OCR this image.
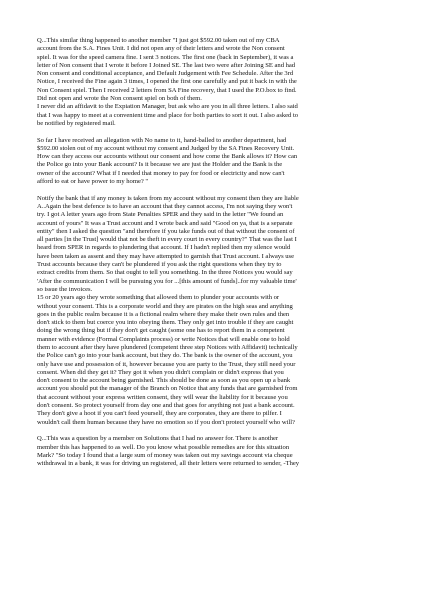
Q...This similar thing happened to another member "I just got $592.00 taken out of my CBA
account from the S.A. Fines Unit. I did not open any of their letters and wrote the Non consent
spiel. It was for the speed camera fine. I sent 3 notices. The first one (back in September), it was a
letter of Non consent that I wrote it before I Joined SE. The last two were after Joining SE and had
Non consent and conditional acceptance, and Default Judgement with Fee Schedule. After the 3rd
Notice, I received the Fine again 3 times, I opened the first one carefully and put it back in with the
Non Consent spiel. Then I received 2 letters from SA Fine recovery, that I used the P.O.box to find.
Did not open and wrote the Non consent spiel on both of them.
I never did an affidavit to the Expiation Manager, but ask who are you in all three letters. I also said
that I was happy to meet at a convenient time and place for both parties to sort it out. I also asked to
be notified by registered mail.
So far I have received an allegation with No name to it, hand-balled to another department, had
$592.00 stolen out of my account without my consent and Judged by the SA Fines Recovery Unit.
How can they access our accounts without our consent and how come the Bank allows it? How can
the Police go into your Bank account? Is it because we are just the Holder and the Bank is the
owner of the account? What if I needed that money to pay for food or electricity and now can't
afford to eat or have power to my home? "
Notify the bank that if any money is taken from my account without my consent then they are liable
A..Again the best defence is to have an account that they cannot access, I'm not saying they won't
try. I got A letter years ago from State Penalties SPER and they said in the letter "We found an
account of yours" It was a Trust account and I wrote back and said "Good on ya, that is a separate
entity" then I asked the question "and therefore if you take funds out of that without the consent of
all parties [in the Trust] would that not be theft in every court in every country?" That was the last I
heard from SPER in regards to plundering that account. If I hadn't replied then my silence would
have been taken as assent and they may have attempted to garnish that Trust account. I always use
Trust accounts because they can't be plundered if you ask the right questions when they try to
extract credits from them. So that ought to tell you something. In the three Notices you would say
'After the communication I will be pursuing you for ...[this amount of funds]..for my valuable time'
so issue the invoices.
15 or 20 years ago they wrote something that allowed them to plunder your accounts with or
without your consent. This is a corporate world and they are pirates on the high seas and anything
goes in the public realm because it is a fictional realm where they make their own rules and then
don't stick to them but coerce you into obeying them. They only get into trouble if they are caught
doing the wrong thing but if they don't get caught (some one has to report them in a competent
manner with evidence (Formal Complaints process) or write Notices that will enable one to hold
them to account after they have plundered (competent three step Notices with Affidavit) technically
the Police can't go into your bank account, but they do. The bank is the owner of the account, you
only have use and possession of it, however because you are party to the Trust, they still need your
consent. When did they get it? They got it when you didn't complain or didn't express that you
don't consent to the account being garnished. This should be done as soon as you open up a bank
account you should put the manager of the Branch on Notice that any funds that are garnished from
that account without your express written consent, they will wear the liability for it because you
don't consent. So protect yourself from day one and that goes for anything not just a bank account.
They don't give a hoot if you can't feed yourself, they are corporates, they are there to pilfer. I
wouldn't call them human because they have no emotion so if you don't protect yourself who will?
Q...This was a question by a member on Solutions that I had no answer for. There is another
member this has happened to as well. Do you know what possible remedies are for this situation
Mark? "So today I found that a large sum of money was taken out my savings account via cheque
withdrawal in a bank, it was for driving un registered, all their letters were returned to sender, -They
